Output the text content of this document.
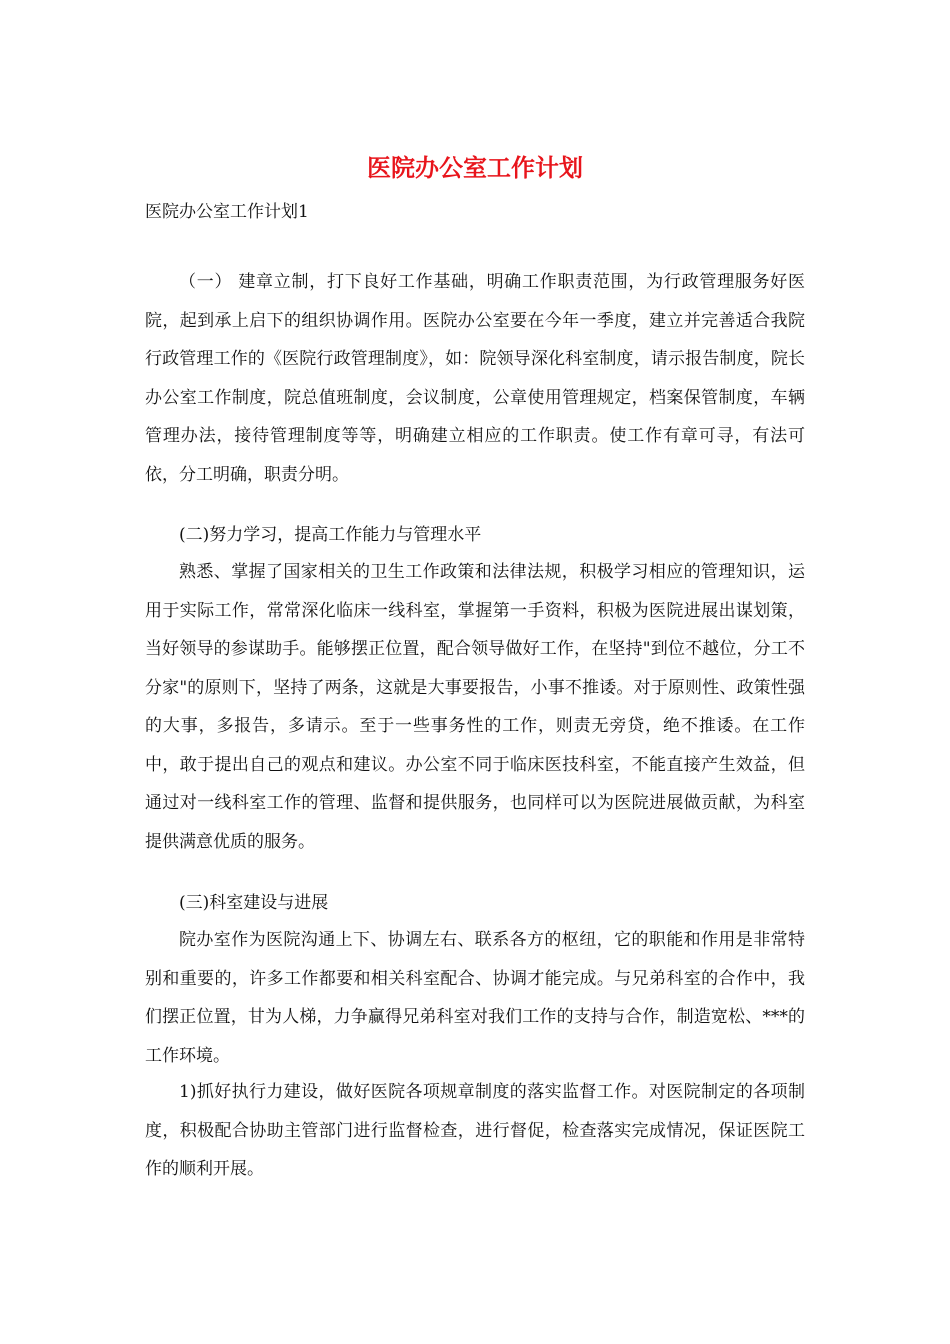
医院办公室工作计划
医院办公室工作计划1

（一） 建章立制，打下良好工作基础，明确工作职责范围，为行政管理服务好医院，起到承上启下的组织协调作用。医院办公室要在今年一季度，建立并完善适合我院行政管理工作的《医院行政管理制度》，如：院领导深化科室制度，请示报告制度，院长办公室工作制度，院总值班制度，会议制度，公章使用管理规定，档案保管制度，车辆管理办法，接待管理制度等等，明确建立相应的工作职责。使工作有章可寻，有法可依，分工明确，职责分明。

(二)努力学习，提高工作能力与管理水平

熟悉、掌握了国家相关的卫生工作政策和法律法规，积极学习相应的管理知识，运用于实际工作，常常深化临床一线科室，掌握第一手资料，积极为医院进展出谋划策，当好领导的参谋助手。能够摆正位置，配合领导做好工作，在坚持"到位不越位，分工不分家"的原则下，坚持了两条，这就是大事要报告，小事不推诿。对于原则性、政策性强的大事，多报告，多请示。至于一些事务性的工作，则责无旁贷，绝不推诿。在工作中，敢于提出自己的观点和建议。办公室不同于临床医技科室，不能直接产生效益，但通过对一线科室工作的管理、监督和提供服务，也同样可以为医院进展做贡献，为科室提供满意优质的服务。

(三)科室建设与进展

院办室作为医院沟通上下、协调左右、联系各方的枢纽，它的职能和作用是非常特别和重要的，许多工作都要和相关科室配合、协调才能完成。与兄弟科室的合作中，我们摆正位置，甘为人梯，力争赢得兄弟科室对我们工作的支持与合作，制造宽松、***的工作环境。

1)抓好执行力建设，做好医院各项规章制度的落实监督工作。对医院制定的各项制度，积极配合协助主管部门进行监督检查，进行督促，检查落实完成情况，保证医院工作的顺利开展。
